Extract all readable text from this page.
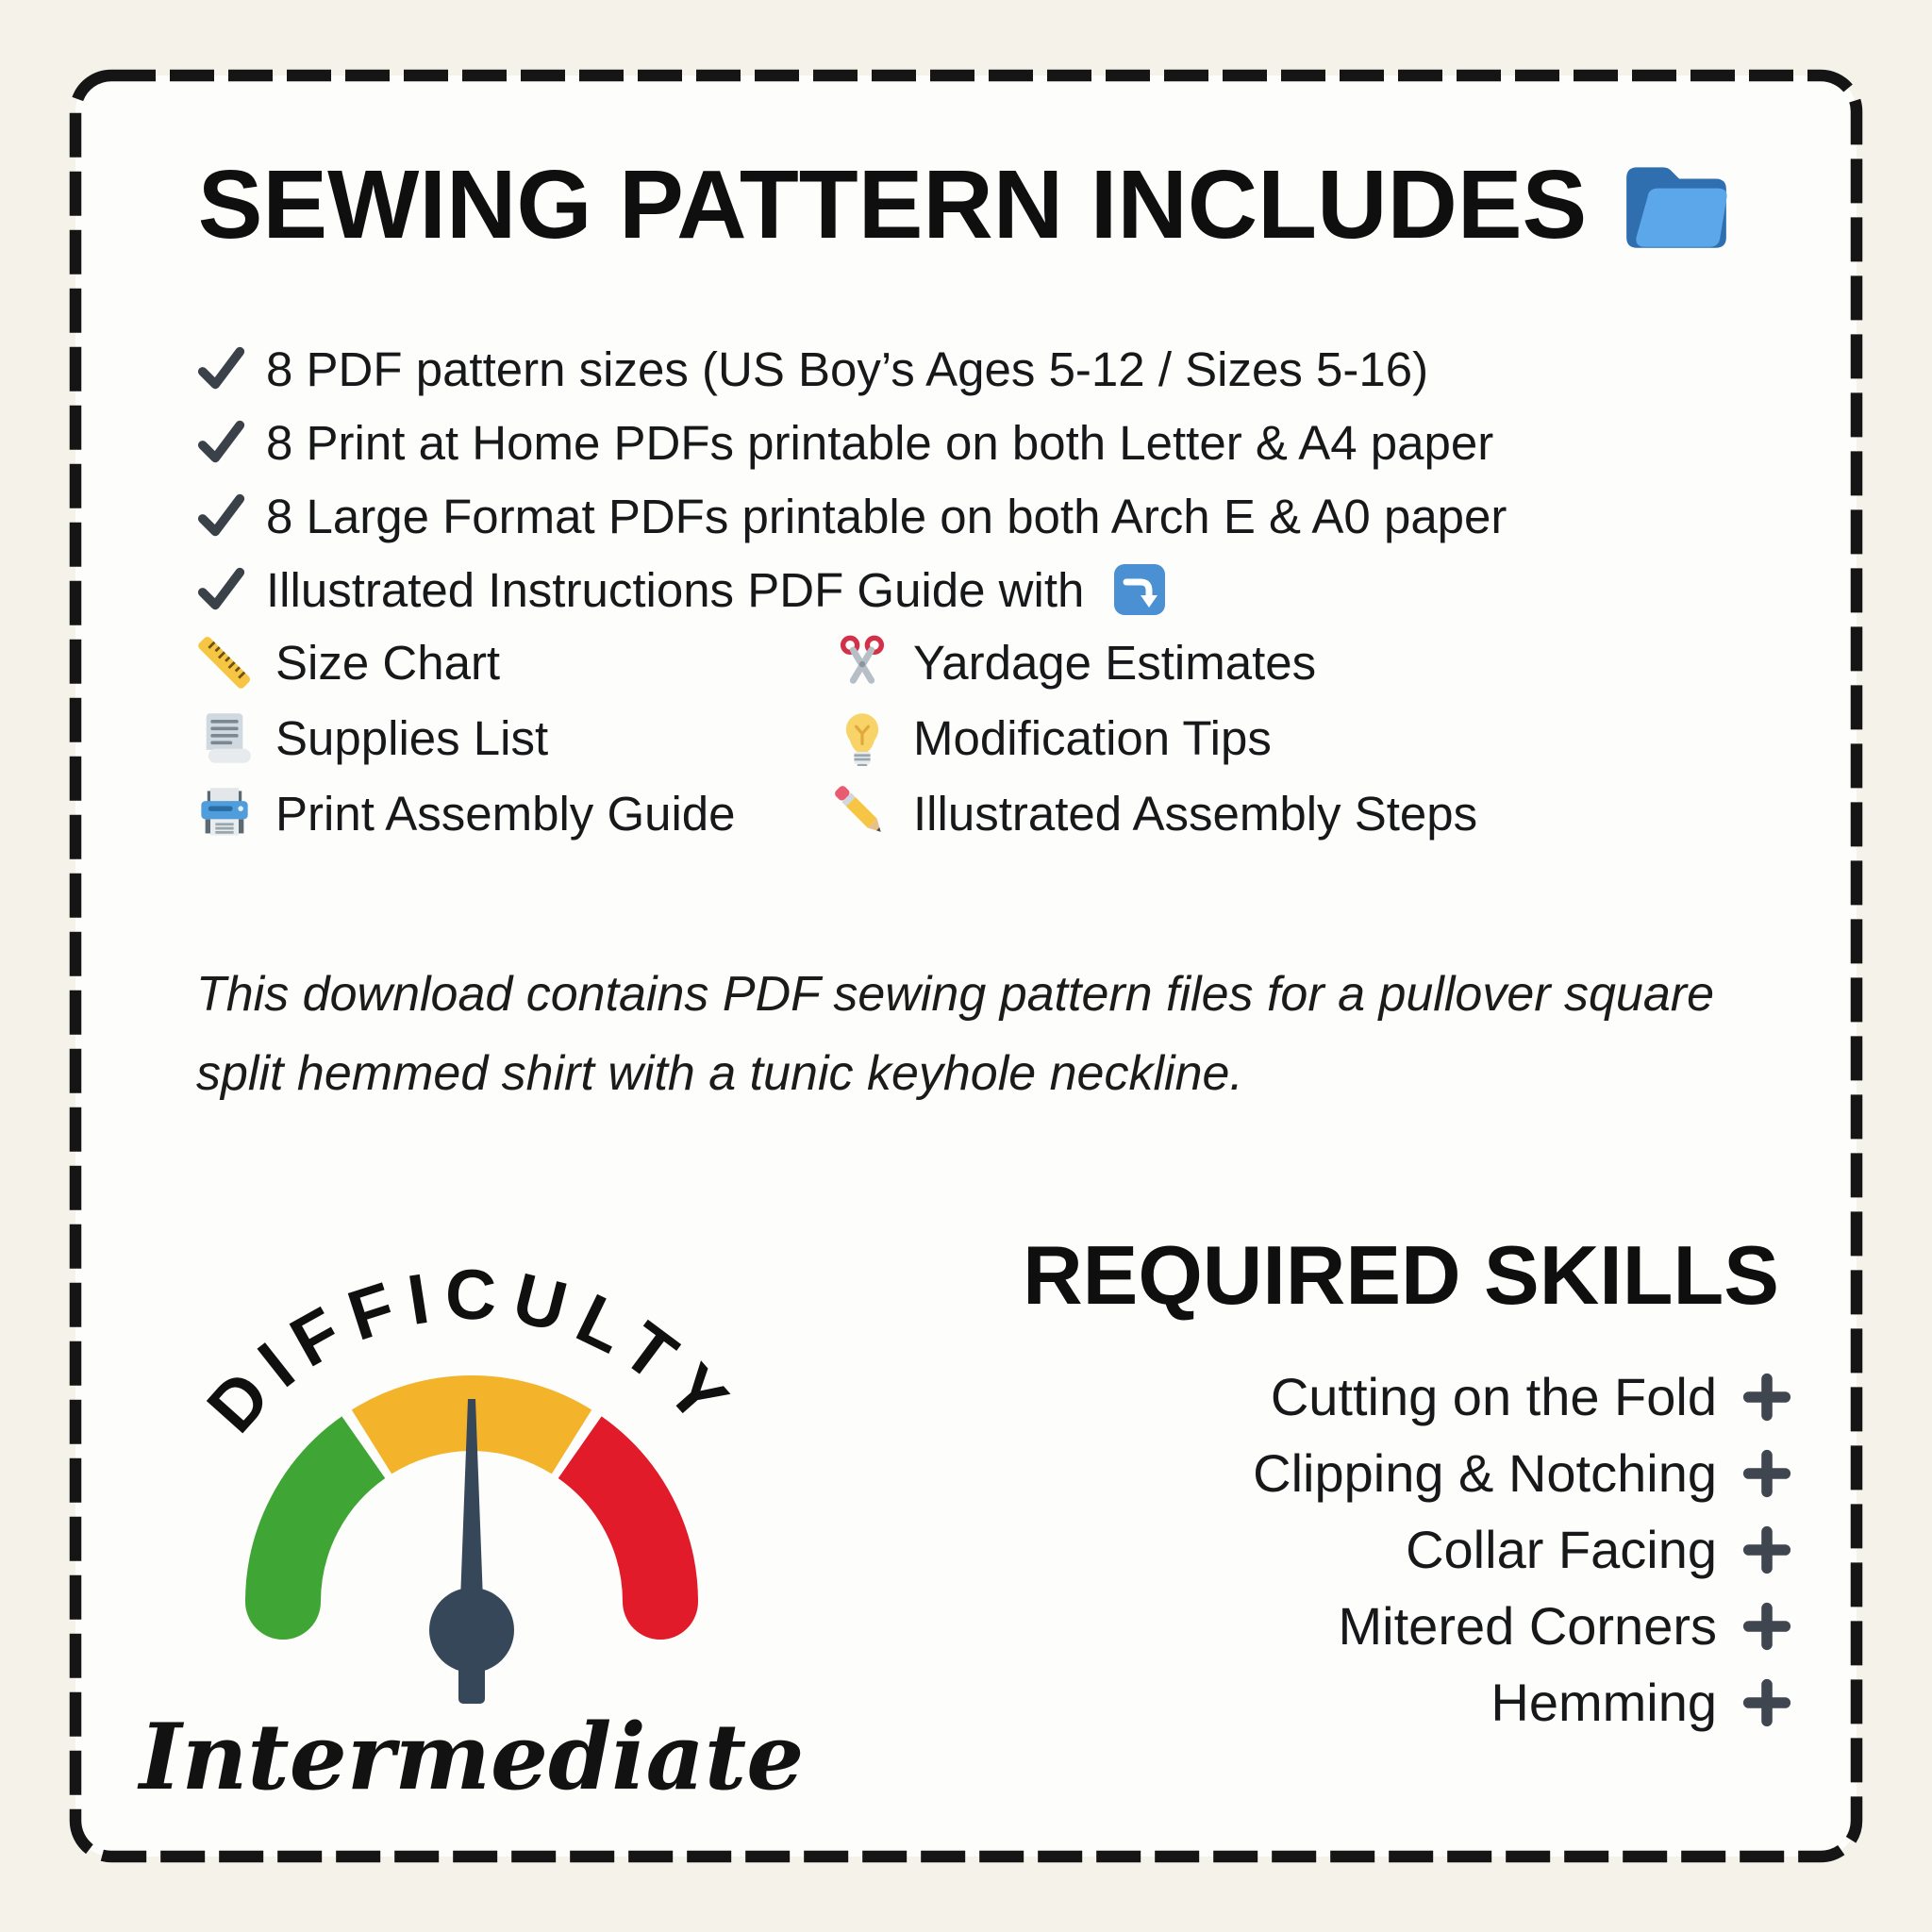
SEWING PATTERN INCLUDES
8 PDF pattern sizes (US Boy’s Ages 5-12 / Sizes 5-16)
8 Print at Home PDFs printable on both Letter & A4 paper
8 Large Format PDFs printable on both Arch E & A0 paper
Illustrated Instructions PDF Guide with
Size Chart	Yardage Estimates
Supplies List	Modification Tips
Print Assembly Guide	Illustrated Assembly Steps

This download contains PDF sewing pattern files for a pullover square split hemmed shirt with a tunic keyhole neckline.

DIFFICULTY
Intermediate
REQUIRED SKILLS
Cutting on the Fold
Clipping & Notching
Collar Facing
Mitered Corners
Hemming
